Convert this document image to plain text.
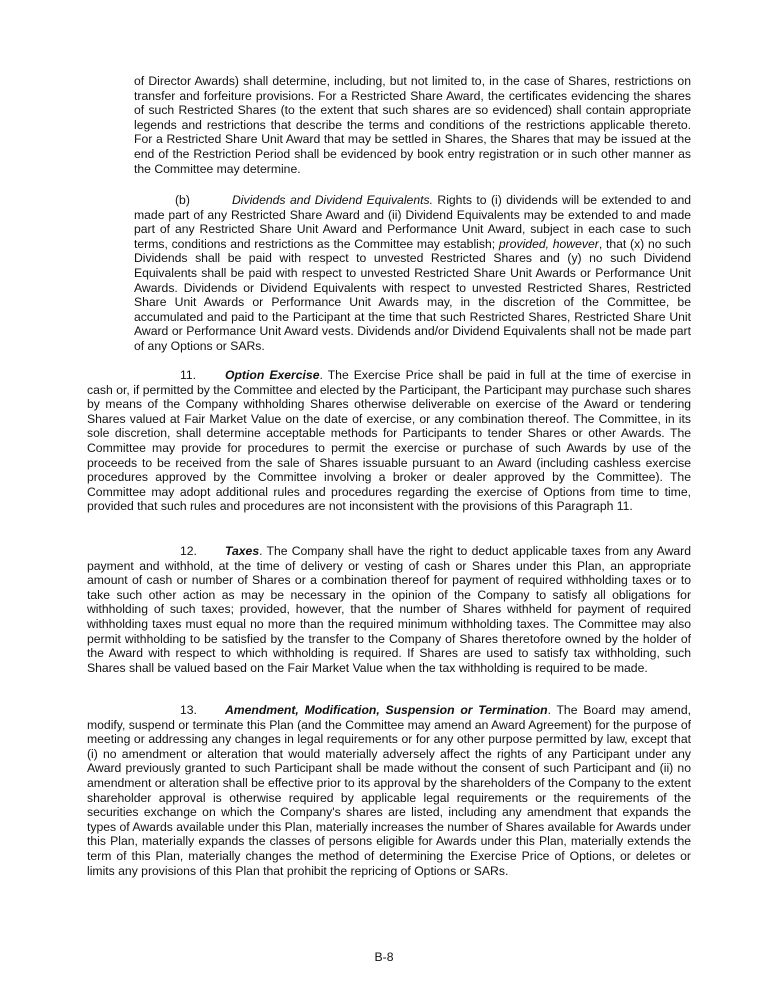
of Director Awards) shall determine, including, but not limited to, in the case of Shares, restrictions on transfer and forfeiture provisions. For a Restricted Share Award, the certificates evidencing the shares of such Restricted Shares (to the extent that such shares are so evidenced) shall contain appropriate legends and restrictions that describe the terms and conditions of the restrictions applicable thereto. For a Restricted Share Unit Award that may be settled in Shares, the Shares that may be issued at the end of the Restriction Period shall be evidenced by book entry registration or in such other manner as the Committee may determine.

(b)	Dividends and Dividend Equivalents. Rights to (i) dividends will be extended to and made part of any Restricted Share Award and (ii) Dividend Equivalents may be extended to and made part of any Restricted Share Unit Award and Performance Unit Award, subject in each case to such terms, conditions and restrictions as the Committee may establish; provided, however, that (x) no such Dividends shall be paid with respect to unvested Restricted Shares and (y) no such Dividend Equivalents shall be paid with respect to unvested Restricted Share Unit Awards or Performance Unit Awards. Dividends or Dividend Equivalents with respect to unvested Restricted Shares, Restricted Share Unit Awards or Performance Unit Awards may, in the discretion of the Committee, be accumulated and paid to the Participant at the time that such Restricted Shares, Restricted Share Unit Award or Performance Unit Award vests. Dividends and/or Dividend Equivalents shall not be made part of any Options or SARs.

11. Option Exercise. The Exercise Price shall be paid in full at the time of exercise in cash or, if permitted by the Committee and elected by the Participant, the Participant may purchase such shares by means of the Company withholding Shares otherwise deliverable on exercise of the Award or tendering Shares valued at Fair Market Value on the date of exercise, or any combination thereof. The Committee, in its sole discretion, shall determine acceptable methods for Participants to tender Shares or other Awards. The Committee may provide for procedures to permit the exercise or purchase of such Awards by use of the proceeds to be received from the sale of Shares issuable pursuant to an Award (including cashless exercise procedures approved by the Committee involving a broker or dealer approved by the Committee). The Committee may adopt additional rules and procedures regarding the exercise of Options from time to time, provided that such rules and procedures are not inconsistent with the provisions of this Paragraph 11.

12. Taxes. The Company shall have the right to deduct applicable taxes from any Award payment and withhold, at the time of delivery or vesting of cash or Shares under this Plan, an appropriate amount of cash or number of Shares or a combination thereof for payment of required withholding taxes or to take such other action as may be necessary in the opinion of the Company to satisfy all obligations for withholding of such taxes; provided, however, that the number of Shares withheld for payment of required withholding taxes must equal no more than the required minimum withholding taxes. The Committee may also permit withholding to be satisfied by the transfer to the Company of Shares theretofore owned by the holder of the Award with respect to which withholding is required. If Shares are used to satisfy tax withholding, such Shares shall be valued based on the Fair Market Value when the tax withholding is required to be made.

13. Amendment, Modification, Suspension or Termination. The Board may amend, modify, suspend or terminate this Plan (and the Committee may amend an Award Agreement) for the purpose of meeting or addressing any changes in legal requirements or for any other purpose permitted by law, except that (i) no amendment or alteration that would materially adversely affect the rights of any Participant under any Award previously granted to such Participant shall be made without the consent of such Participant and (ii) no amendment or alteration shall be effective prior to its approval by the shareholders of the Company to the extent shareholder approval is otherwise required by applicable legal requirements or the requirements of the securities exchange on which the Company's shares are listed, including any amendment that expands the types of Awards available under this Plan, materially increases the number of Shares available for Awards under this Plan, materially expands the classes of persons eligible for Awards under this Plan, materially extends the term of this Plan, materially changes the method of determining the Exercise Price of Options, or deletes or limits any provisions of this Plan that prohibit the repricing of Options or SARs.

B-8
